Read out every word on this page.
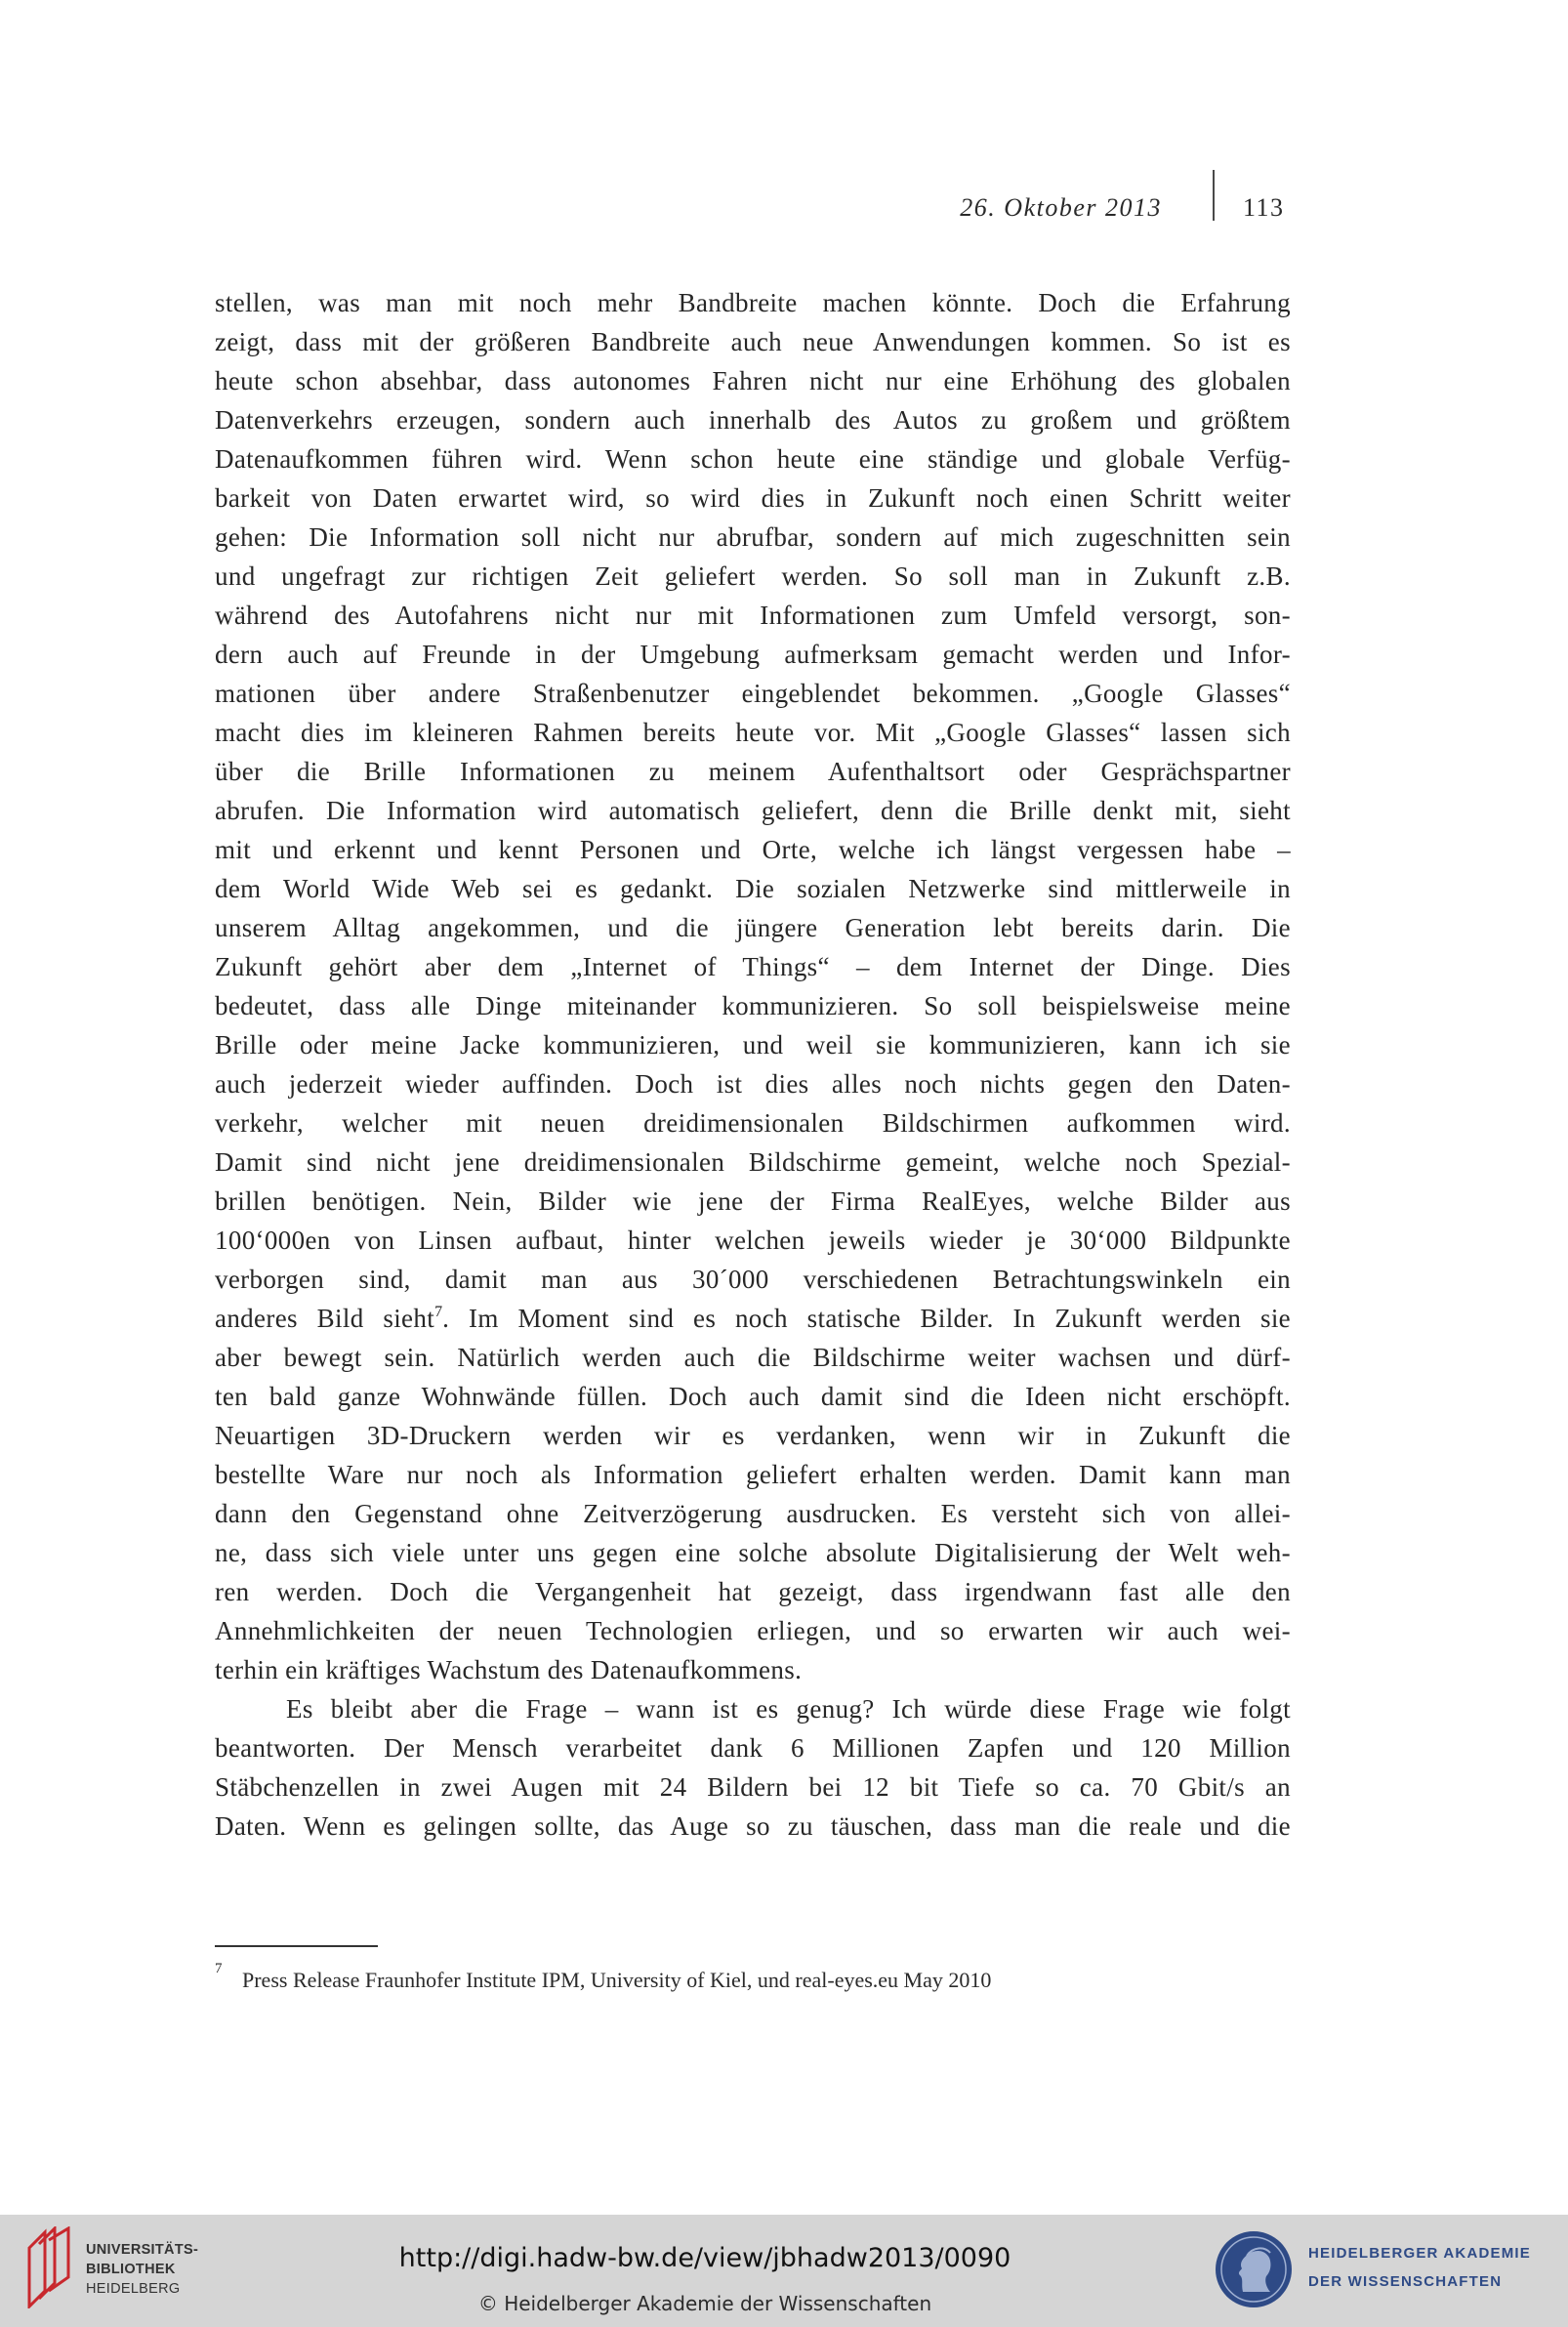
26. Oktober 2013	113
stellen, was man mit noch mehr Bandbreite machen könnte. Doch die Erfahrung
zeigt, dass mit der größeren Bandbreite auch neue Anwendungen kommen. So ist es
heute schon absehbar, dass autonomes Fahren nicht nur eine Erhöhung des globalen
Datenverkehrs erzeugen, sondern auch innerhalb des Autos zu großem und größtem
Datenaufkommen führen wird. Wenn schon heute eine ständige und globale Verfüg-
barkeit von Daten erwartet wird, so wird dies in Zukunft noch einen Schritt weiter
gehen: Die Information soll nicht nur abrufbar, sondern auf mich zugeschnitten sein
und ungefragt zur richtigen Zeit geliefert werden. So soll man in Zukunft z.B.
während des Autofahrens nicht nur mit Informationen zum Umfeld versorgt, son-
dern auch auf Freunde in der Umgebung aufmerksam gemacht werden und Infor-
mationen über andere Straßenbenutzer eingeblendet bekommen. „Google Glasses“
macht dies im kleineren Rahmen bereits heute vor. Mit „Google Glasses“ lassen sich
über die Brille Informationen zu meinem Aufenthaltsort oder Gesprächspartner
abrufen. Die Information wird automatisch geliefert, denn die Brille denkt mit, sieht
mit und erkennt und kennt Personen und Orte, welche ich längst vergessen habe –
dem World Wide Web sei es gedankt. Die sozialen Netzwerke sind mittlerweile in
unserem Alltag angekommen, und die jüngere Generation lebt bereits darin. Die
Zukunft gehört aber dem „Internet of Things“ – dem Internet der Dinge. Dies
bedeutet, dass alle Dinge miteinander kommunizieren. So soll beispielsweise meine
Brille oder meine Jacke kommunizieren, und weil sie kommunizieren, kann ich sie
auch jederzeit wieder auffinden. Doch ist dies alles noch nichts gegen den Daten-
verkehr, welcher mit neuen dreidimensionalen Bildschirmen aufkommen wird.
Damit sind nicht jene dreidimensionalen Bildschirme gemeint, welche noch Spezial-
brillen benötigen. Nein, Bilder wie jene der Firma RealEyes, welche Bilder aus
100‘000en von Linsen aufbaut, hinter welchen jeweils wieder je 30‘000 Bildpunkte
verborgen sind, damit man aus 30´000 verschiedenen Betrachtungswinkeln ein
anderes Bild sieht$^7$. Im Moment sind es noch statische Bilder. In Zukunft werden sie
aber bewegt sein. Natürlich werden auch die Bildschirme weiter wachsen und dürf-
ten bald ganze Wohnwände füllen. Doch auch damit sind die Ideen nicht erschöpft.
Neuartigen 3D-Druckern werden wir es verdanken, wenn wir in Zukunft die
bestellte Ware nur noch als Information geliefert erhalten werden. Damit kann man
dann den Gegenstand ohne Zeitverzögerung ausdrucken. Es versteht sich von allei-
ne, dass sich viele unter uns gegen eine solche absolute Digitalisierung der Welt weh-
ren werden. Doch die Vergangenheit hat gezeigt, dass irgendwann fast alle den
Annehmlichkeiten der neuen Technologien erliegen, und so erwarten wir auch wei-
terhin ein kräftiges Wachstum des Datenaufkommens.
Es bleibt aber die Frage – wann ist es genug? Ich würde diese Frage wie folgt
beantworten. Der Mensch verarbeitet dank 6 Millionen Zapfen und 120 Million
Stäbchenzellen in zwei Augen mit 24 Bildern bei 12 bit Tiefe so ca. 70 Gbit/s an
Daten. Wenn es gelingen sollte, das Auge so zu täuschen, dass man die reale und die
7 Press Release Fraunhofer Institute IPM, University of Kiel, und real-eyes.eu May 2010
UNIVERSITÄTS-
BIBLIOTHEK
HEIDELBERG
http://digi.hadw-bw.de/view/jbhadw2013/0090
© Heidelberger Akademie der Wissenschaften
HEIDELBERGER AKADEMIE
DER WISSENSCHAFTEN
